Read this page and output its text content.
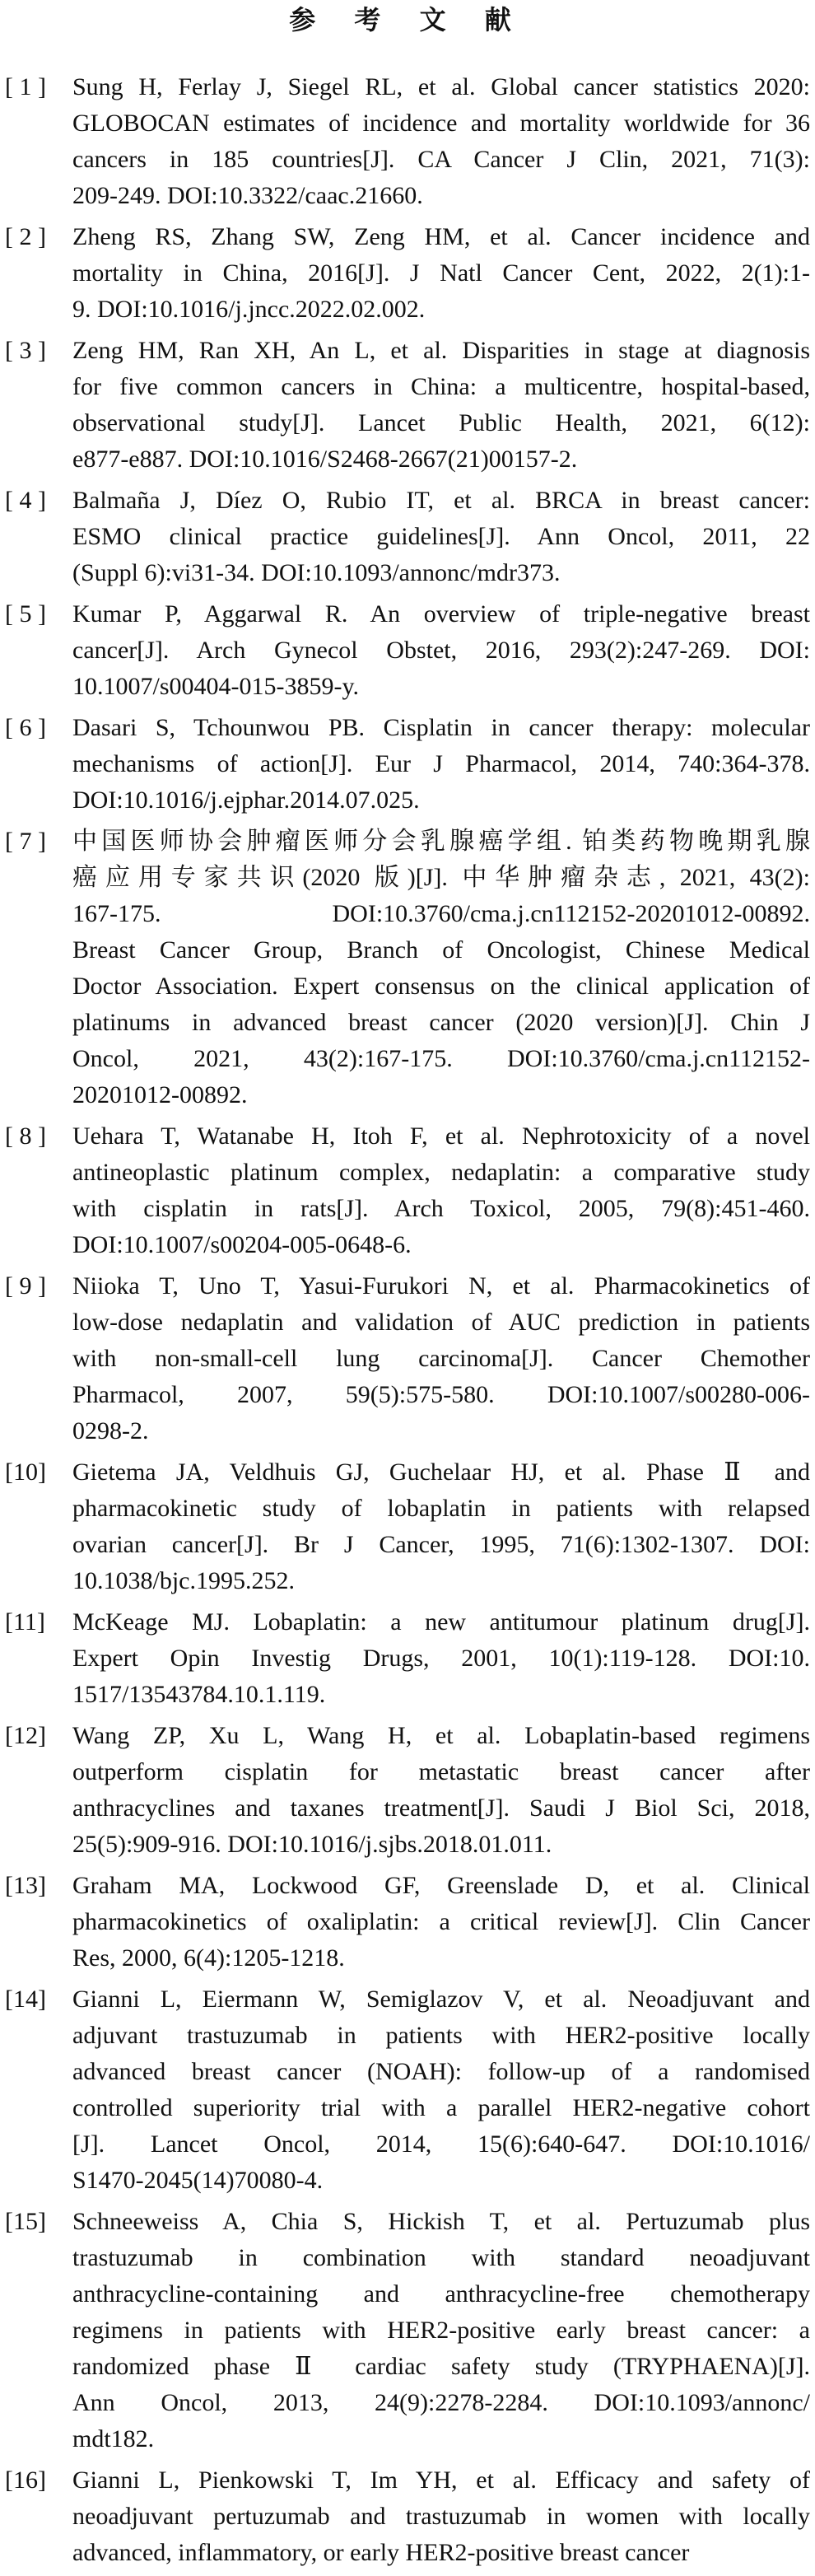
参 考 文 献
[ 1 ]	Sung H, Ferlay J, Siegel RL, et al. Global cancer statistics 2020:
GLOBOCAN estimates of incidence and mortality worldwide for 36
cancers in 185 countries[J]. CA Cancer J Clin, 2021, 71(3):
209-249. DOI:10.3322/caac.21660.
[ 2 ]	Zheng RS, Zhang SW, Zeng HM, et al. Cancer incidence and
mortality in China, 2016[J]. J Natl Cancer Cent, 2022, 2(1):1-
9. DOI:10.1016/j.jncc.2022.02.002.
[ 3 ]	Zeng HM, Ran XH, An L, et al. Disparities in stage at diagnosis
for five common cancers in China: a multicentre, hospital-based,
observational study[J]. Lancet Public Health, 2021, 6(12):
e877-e887. DOI:10.1016/S2468-2667(21)00157-2.
[ 4 ]	Balmaña J, Díez O, Rubio IT, et al. BRCA in breast cancer:
ESMO clinical practice guidelines[J]. Ann Oncol, 2011, 22
(Suppl 6):vi31-34. DOI:10.1093/annonc/mdr373.
[ 5 ]	Kumar P, Aggarwal R. An overview of triple-negative breast
cancer[J]. Arch Gynecol Obstet, 2016, 293(2):247-269. DOI:
10.1007/s00404-015-3859-y.
[ 6 ]	Dasari S, Tchounwou PB. Cisplatin in cancer therapy: molecular
mechanisms of action[J]. Eur J Pharmacol, 2014, 740:364-378.
DOI:10.1016/j.ejphar.2014.07.025.
[ 7 ]	中国医师协会肿瘤医师分会乳腺癌学组. 铂类药物晚期乳腺
癌应用专家共识(2020 版)[J]. 中华肿瘤杂志, 2021, 43(2):
167-175. DOI:10.3760/cma.j.cn112152-20201012-00892.
Breast Cancer Group, Branch of Oncologist, Chinese Medical
Doctor Association. Expert consensus on the clinical application of
platinums in advanced breast cancer (2020 version)[J]. Chin J
Oncol, 2021, 43(2):167-175. DOI:10.3760/cma.j.cn112152-
20201012-00892.
[ 8 ]	Uehara T, Watanabe H, Itoh F, et al. Nephrotoxicity of a novel
antineoplastic platinum complex, nedaplatin: a comparative study
with cisplatin in rats[J]. Arch Toxicol, 2005, 79(8):451-460.
DOI:10.1007/s00204-005-0648-6.
[ 9 ]	Niioka T, Uno T, Yasui-Furukori N, et al. Pharmacokinetics of
low-dose nedaplatin and validation of AUC prediction in patients
with non-small-cell lung carcinoma[J]. Cancer Chemother
Pharmacol, 2007, 59(5):575-580. DOI:10.1007/s00280-006-
0298-2.
[10]	Gietema JA, Veldhuis GJ, Guchelaar HJ, et al. Phase Ⅱ and
pharmacokinetic study of lobaplatin in patients with relapsed
ovarian cancer[J]. Br J Cancer, 1995, 71(6):1302-1307. DOI:
10.1038/bjc.1995.252.
[11]	McKeage MJ. Lobaplatin: a new antitumour platinum drug[J].
Expert Opin Investig Drugs, 2001, 10(1):119-128. DOI:10.
1517/13543784.10.1.119.
[12]	Wang ZP, Xu L, Wang H, et al. Lobaplatin-based regimens
outperform cisplatin for metastatic breast cancer after
anthracyclines and taxanes treatment[J]. Saudi J Biol Sci, 2018,
25(5):909-916. DOI:10.1016/j.sjbs.2018.01.011.
[13]	Graham MA, Lockwood GF, Greenslade D, et al. Clinical
pharmacokinetics of oxaliplatin: a critical review[J]. Clin Cancer
Res, 2000, 6(4):1205-1218.
[14]	Gianni L, Eiermann W, Semiglazov V, et al. Neoadjuvant and
adjuvant trastuzumab in patients with HER2-positive locally
advanced breast cancer (NOAH): follow-up of a randomised
controlled superiority trial with a parallel HER2-negative cohort
[J]. Lancet Oncol, 2014, 15(6):640-647. DOI:10.1016/
S1470-2045(14)70080-4.
[15]	Schneeweiss A, Chia S, Hickish T, et al. Pertuzumab plus
trastuzumab in combination with standard neoadjuvant
anthracycline-containing and anthracycline-free chemotherapy
regimens in patients with HER2-positive early breast cancer: a
randomized phase Ⅱ cardiac safety study (TRYPHAENA)[J].
Ann Oncol, 2013, 24(9):2278-2284. DOI:10.1093/annonc/
mdt182.
[16]	Gianni L, Pienkowski T, Im YH, et al. Efficacy and safety of
neoadjuvant pertuzumab and trastuzumab in women with locally
advanced, inflammatory, or early HER2-positive breast cancer
